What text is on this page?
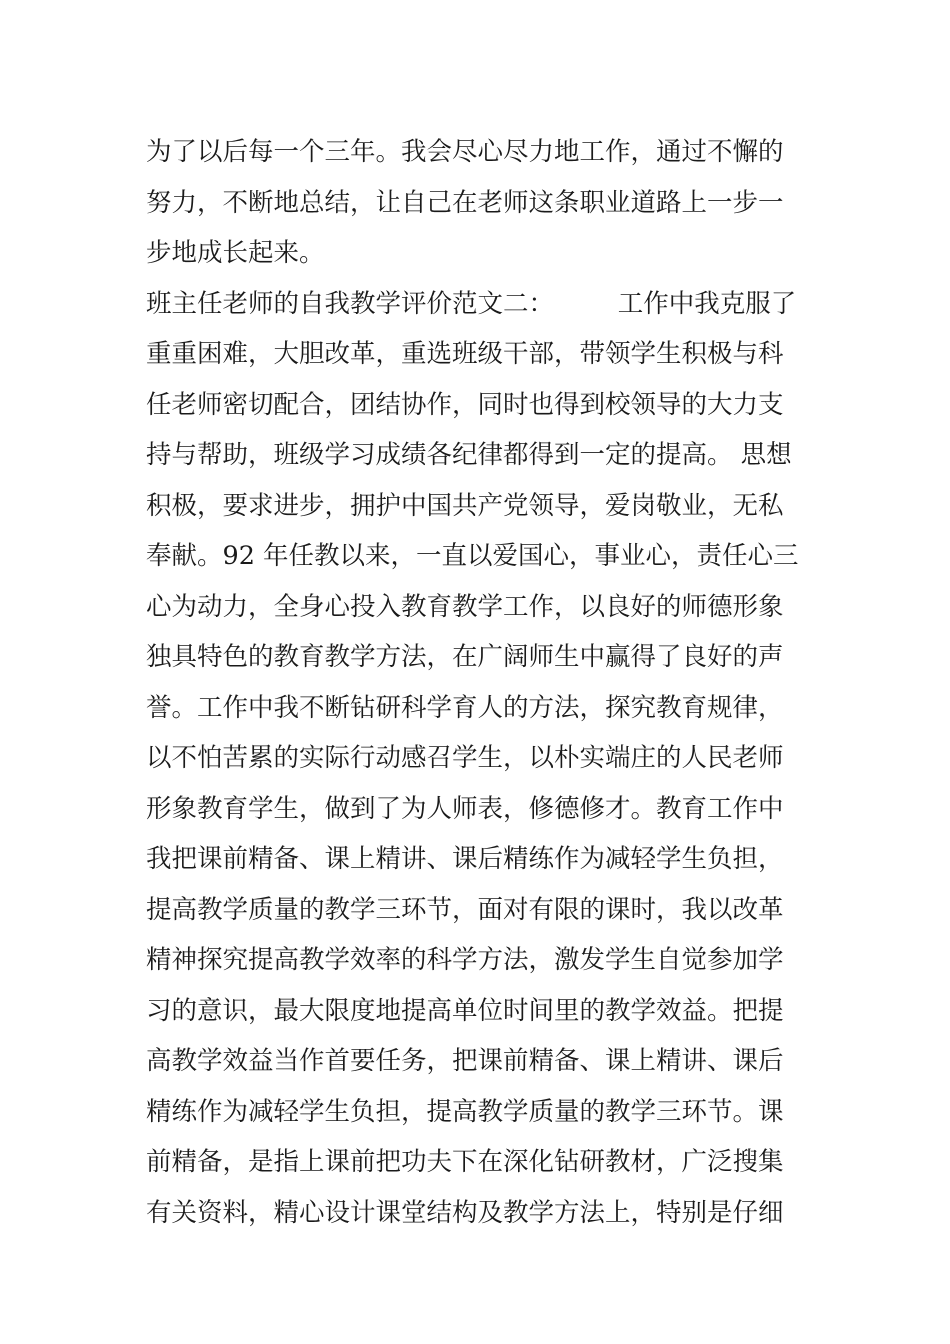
为了以后每一个三年。我会尽心尽力地工作，通过不懈的
努力，不断地总结，让自己在老师这条职业道路上一步一
步地成长起来。
班主任老师的自我教学评价范文二：　　　工作中我克服了
重重困难，大胆改革，重选班级干部，带领学生积极与科
任老师密切配合，团结协作，同时也得到校领导的大力支
持与帮助，班级学习成绩各纪律都得到一定的提高。 思想
积极，要求进步，拥护中国共产党领导，爱岗敬业，无私
奉献。92 年任教以来，一直以爱国心，事业心，责任心三
心为动力，全身心投入教育教学工作，以良好的师德形象
独具特色的教育教学方法，在广阔师生中赢得了良好的声
誉。工作中我不断钻研科学育人的方法，探究教育规律，
以不怕苦累的实际行动感召学生，以朴实端庄的人民老师
形象教育学生，做到了为人师表，修德修才。教育工作中
我把课前精备、课上精讲、课后精练作为减轻学生负担，
提高教学质量的教学三环节，面对有限的课时，我以改革
精神探究提高教学效率的科学方法，激发学生自觉参加学
习的意识，最大限度地提高单位时间里的教学效益。把提
高教学效益当作首要任务，把课前精备、课上精讲、课后
精练作为减轻学生负担，提高教学质量的教学三环节。课
前精备，是指上课前把功夫下在深化钻研教材，广泛搜集
有关资料，精心设计课堂结构及教学方法上，特别是仔细
